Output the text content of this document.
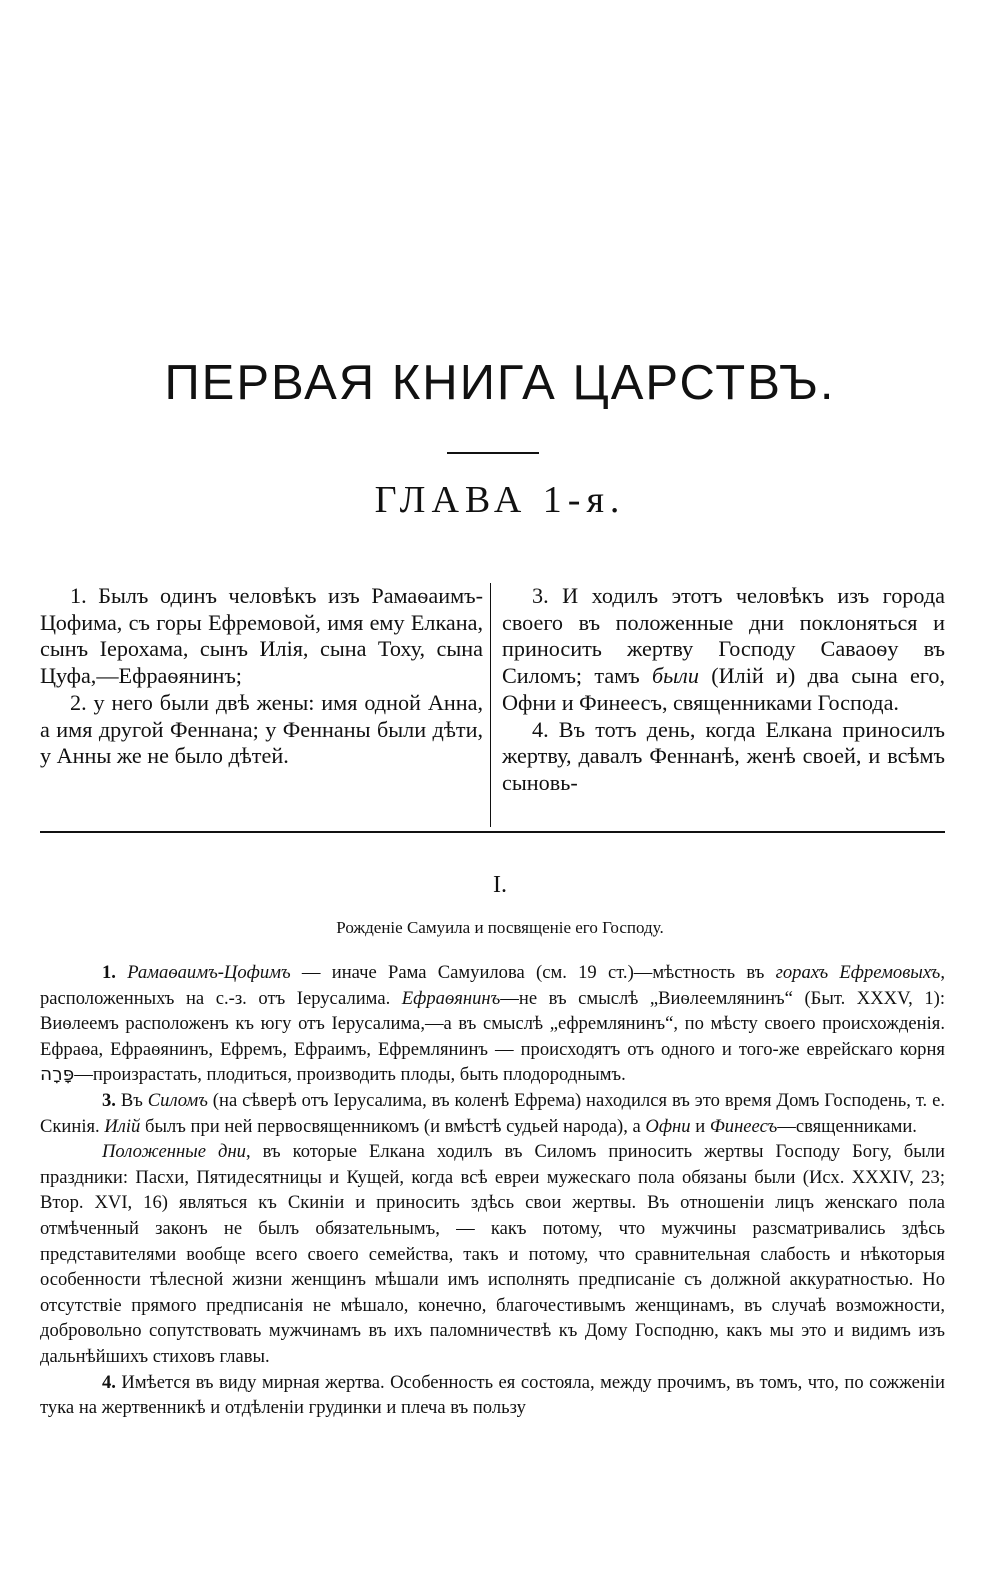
ПЕРВАЯ КНИГА ЦАРСТВЪ.
ГЛАВА 1-я.

1. Былъ одинъ человѣкъ изъ Рамаѳаимъ-Цофима, съ горы Ефремовой, имя ему Елкана, сынъ Iерохама, сынъ Илія, сына Тоху, сына Цуфа,—Ефраѳянинъ;

2. у него были двѣ жены: имя одной Анна, а имя другой Феннана; у Феннаны были дѣти, у Анны же не было дѣтей.

3. И ходилъ этотъ человѣкъ изъ города своего въ положенные дни поклоняться и приносить жертву Господу Саваоѳу въ Силомъ; тамъ были (Илій и) два сына его, Офни и Финеесъ, священниками Господа.

4. Въ тотъ день, когда Елкана приносилъ жертву, давалъ Феннанѣ, женѣ своей, и всѣмъ сыновь-

I.
Рожденіе Самуила и посвященіе его Господу.

1. Рамаѳаимъ-Цофимъ — иначе Рама Самуилова (см. 19 ст.)—мѣстность въ горахъ Ефремовыхъ, расположенныхъ на с.-з. отъ Iерусалима. Ефраѳянинъ—не въ смыслѣ „Виѳлеемлянинъ“ (Быт. XXXV, 1): Виѳлеемъ расположенъ къ югу отъ Iерусалима,—а въ смыслѣ „ефремлянинъ“, по мѣсту своего происхожденія. Ефраѳа, Ефраѳянинъ, Ефремъ, Ефраимъ, Ефремлянинъ — происходятъ отъ одного и того-же еврейскаго корня פָּרָה—произрастать, плодиться, производить плоды, быть плодороднымъ.

3. Въ Силомъ (на сѣверѣ отъ Iерусалима, въ коленѣ Ефрема) находился въ это время Домъ Господень, т. е. Скинія. Илій былъ при ней первосвященникомъ (и вмѣстѣ судьей народа), а Офни и Финеесъ—священниками.

Положенные дни, въ которые Елкана ходилъ въ Силомъ приносить жертвы Господу Богу, были праздники: Пасхи, Пятидесятницы и Кущей, когда всѣ евреи мужескаго пола обязаны были (Исх. XXXIV, 23; Втор. XVI, 16) являться къ Скиніи и приносить здѣсь свои жертвы. Въ отношеніи лицъ женскаго пола отмѣченный законъ не былъ обязательнымъ, — какъ потому, что мужчины разсматривались здѣсь представителями вообще всего своего семейства, такъ и потому, что сравнительная слабость и нѣкоторыя особенности тѣлесной жизни женщинъ мѣшали имъ исполнять предписаніе съ должной аккуратностью. Но отсутствіе прямого предписанія не мѣшало, конечно, благочестивымъ женщинамъ, въ случаѣ возможности, добровольно сопутствовать мужчинамъ въ ихъ паломничествѣ къ Дому Господню, какъ мы это и видимъ изъ дальнѣйшихъ стиховъ главы.

4. Имѣется въ виду мирная жертва. Особенность ея состояла, между прочимъ, въ томъ, что, по сожженіи тука на жертвенникѣ и отдѣленіи грудинки и плеча въ пользу
